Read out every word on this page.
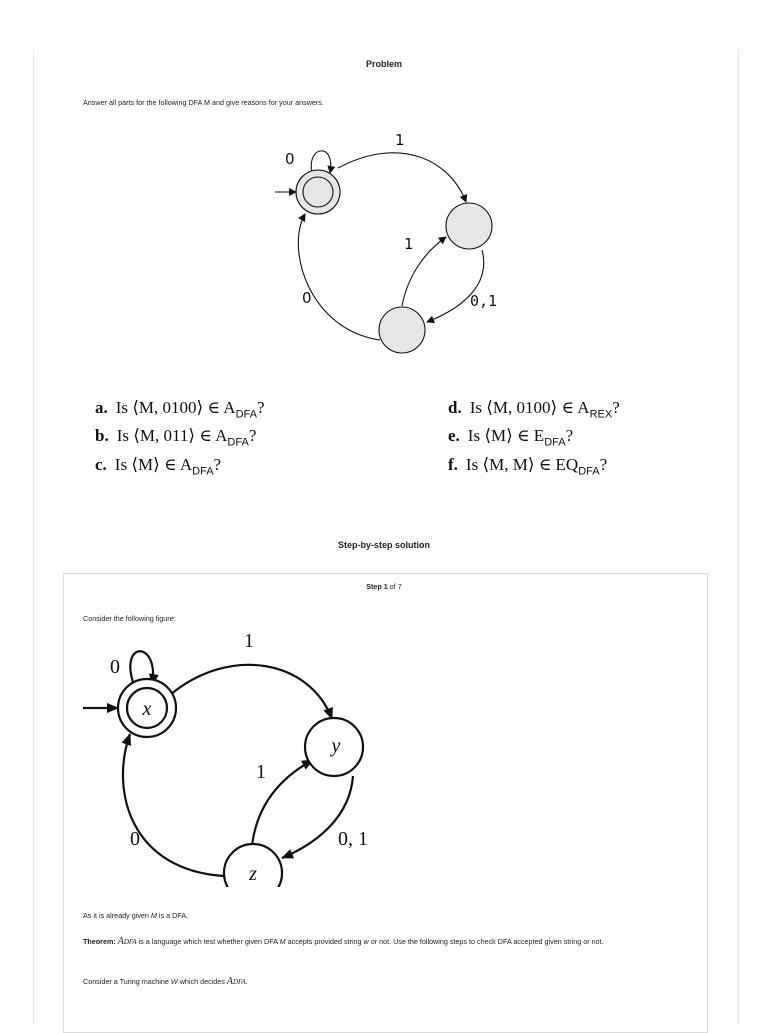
Problem
Answer all parts for the following DFA M and give reasons for your answers.
0
1
1
0,1
0
a. Is ⟨M, 0100⟩ ∈ $A_{DFA}$?
b. Is ⟨M, 011⟩ ∈ $A_{DFA}$?
c. Is ⟨M⟩ ∈ $A_{DFA}$?
d. Is ⟨M, 0100⟩ ∈ $A_{REX}$?
e. Is ⟨M⟩ ∈ $E_{DFA}$?
f. Is ⟨M, M⟩ ∈ $EQ_{DFA}$?
Step-by-step solution
Step 1 of 7
Consider the following figure:
x
y
z
0
1
1
0, 1
0
As it is already given M is a DFA.
Theorem: ADFA is a language which test whether given DFA M accepts provided string w or not. Use the following steps to check DFA accepted given string or not.
Consider a Turing machine W which decides ADFA.
